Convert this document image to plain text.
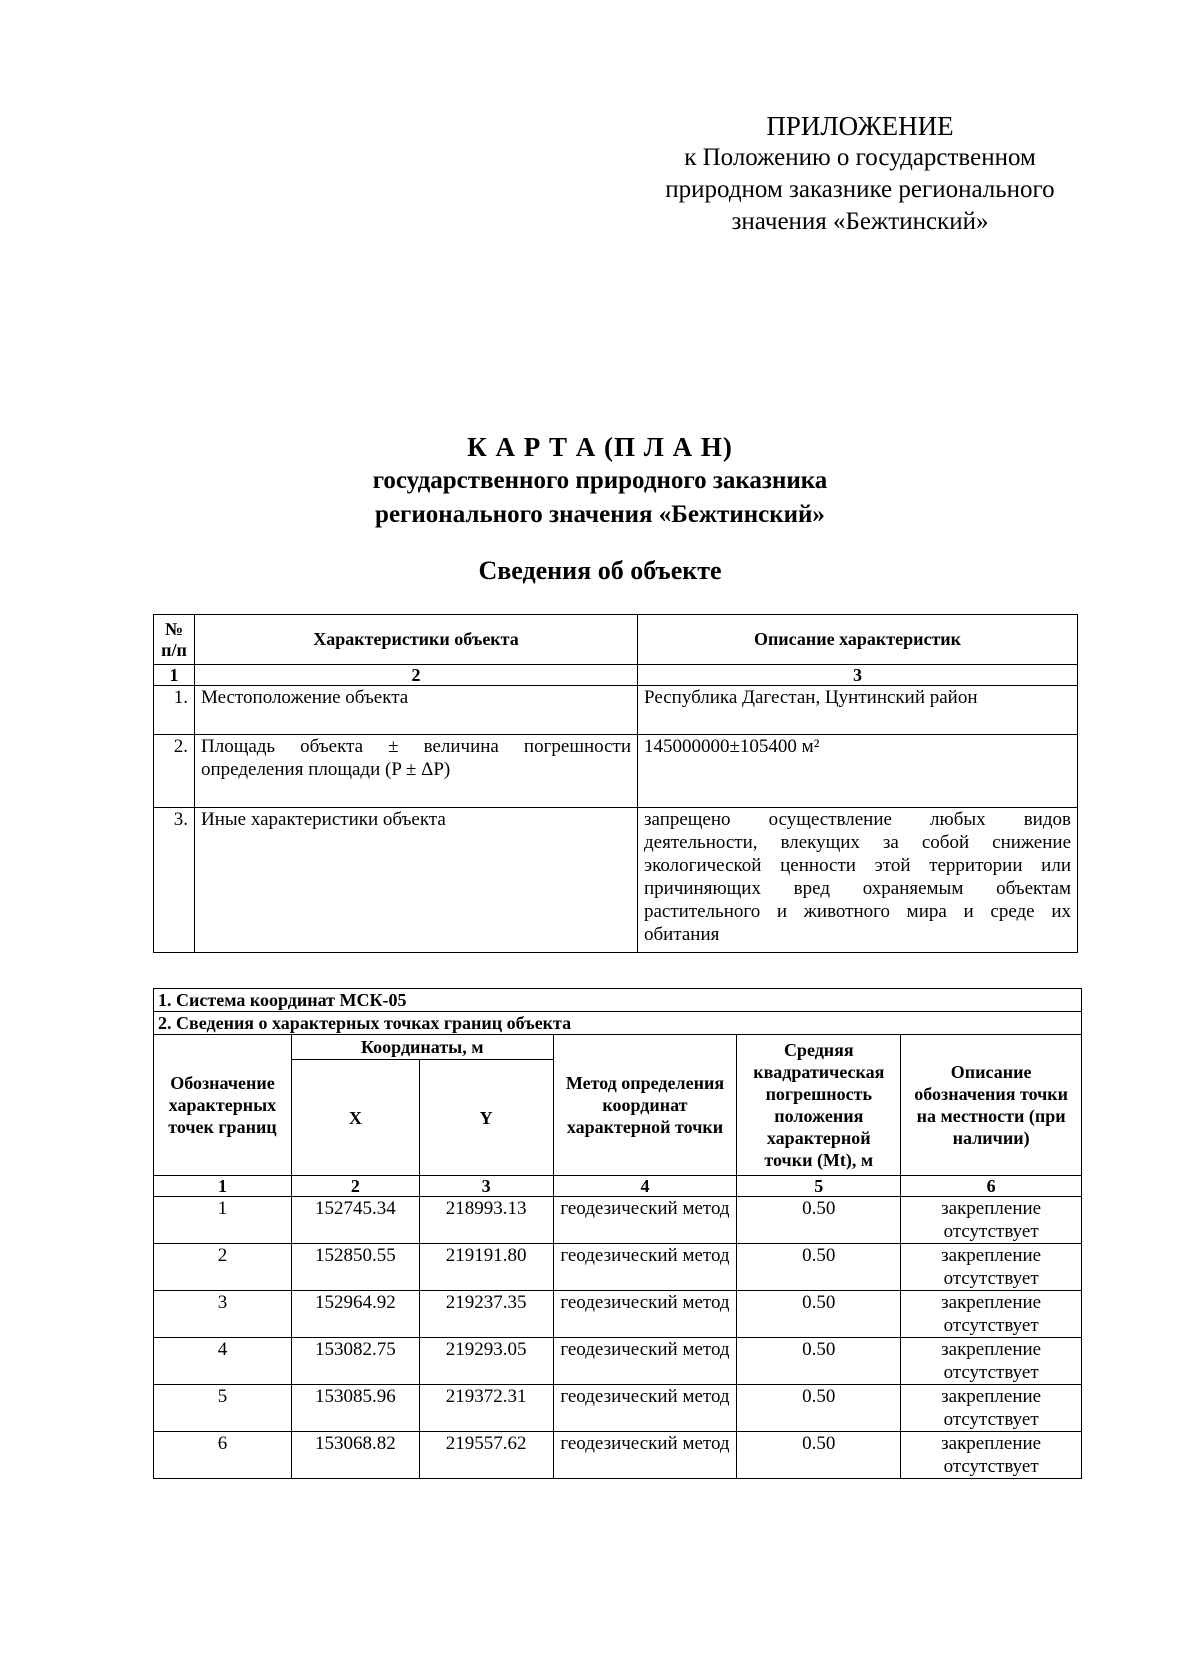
ПРИЛОЖЕНИЕ
к Положению о государственном
природном заказнике регионального
значения «Бежтинский»
К А Р Т А (П Л А Н)
государственного природного заказника
регионального значения «Бежтинский»
Сведения об объекте
№ п/п	Характеристики объекта	Описание характеристик
1	2	3
1.	Местоположение объекта	Республика Дагестан, Цунтинский район
2.	Площадь объекта ± величина погрешности определения площади (P ± ΔP)	145000000±105400 м²
3.	Иные характеристики объекта	запрещено осуществление любых видов деятельности, влекущих за собой снижение экологической ценности этой территории или причиняющих вред охраняемым объектам растительного и животного мира и среде их обитания
1. Система координат МСК-05					
2. Сведения о характерных точках границ объекта					
Обозначение характерных точек границ	Координаты, м		Метод определения координат характерной точки	Средняя квадратическая погрешность положения характерной точки (Mt), м	Описание обозначения точки на местности (при наличии)
	X	Y			
1	2	3	4	5	6
1	152745.34	218993.13	геодезический метод	0.50	закрепление отсутствует
2	152850.55	219191.80	геодезический метод	0.50	закрепление отсутствует
3	152964.92	219237.35	геодезический метод	0.50	закрепление отсутствует
4	153082.75	219293.05	геодезический метод	0.50	закрепление отсутствует
5	153085.96	219372.31	геодезический метод	0.50	закрепление отсутствует
6	153068.82	219557.62	геодезический метод	0.50	закрепление отсутствует
